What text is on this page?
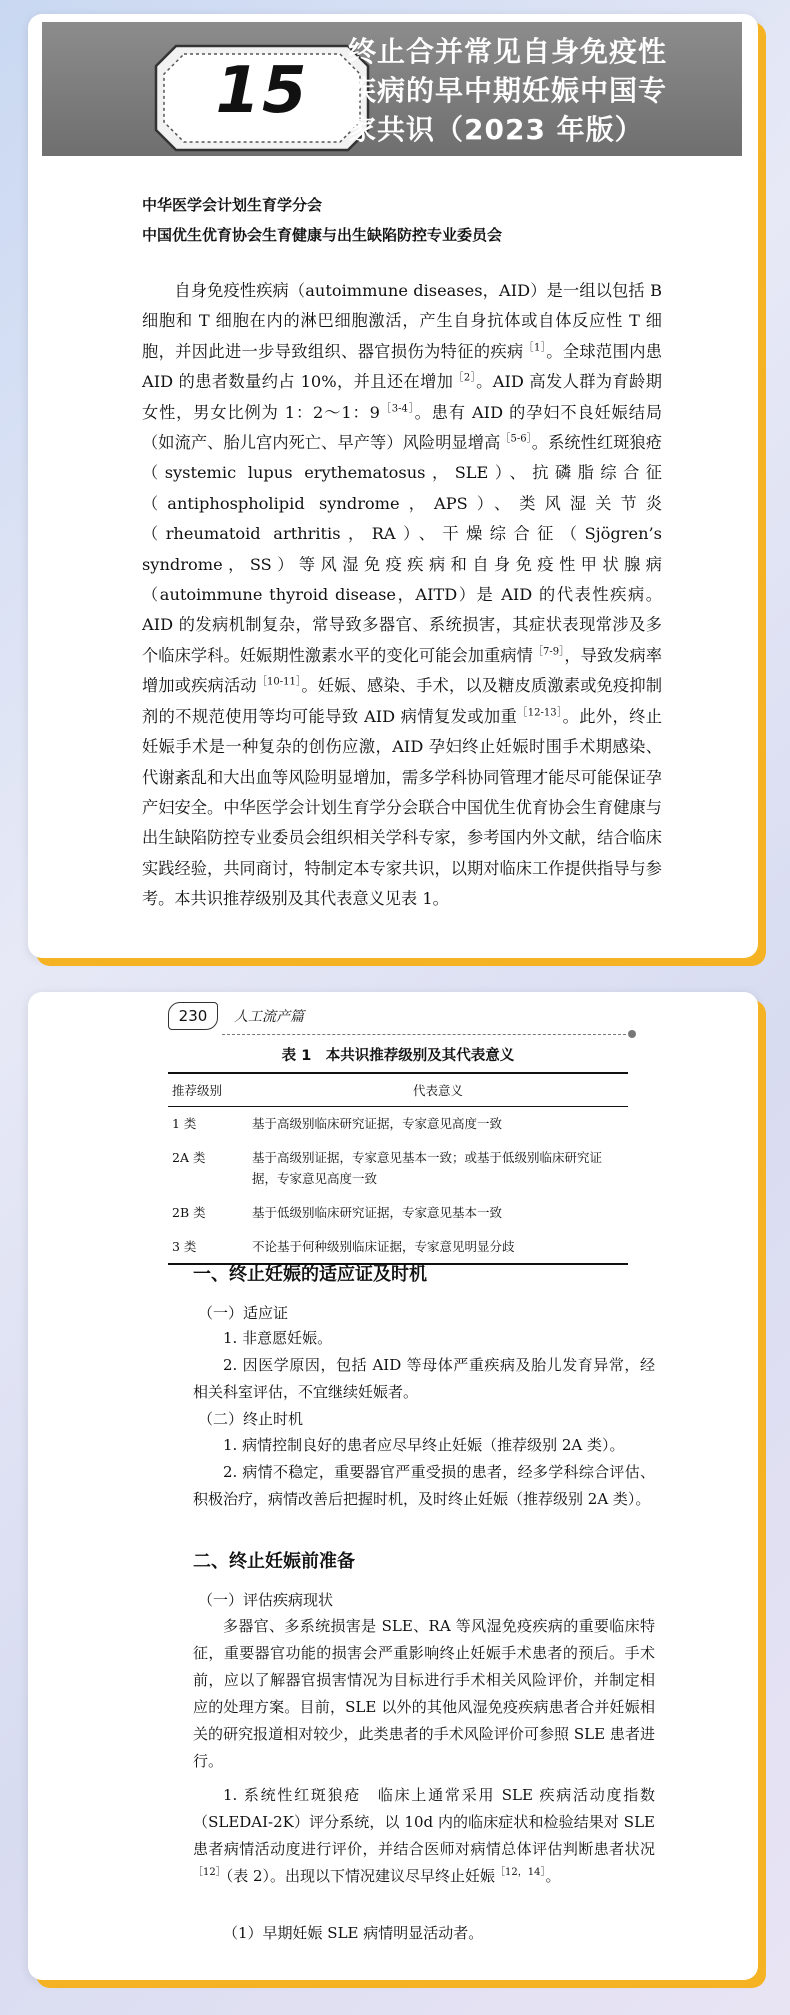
15
终止合并常见自身免疫性疾病的早中期妊娠中国专家共识（2023 年版）
中华医学会计划生育学分会
中国优生优育协会生育健康与出生缺陷防控专业委员会
自身免疫性疾病（autoimmune diseases，AID）是一组以包括 B 细胞和 T 细胞在内的淋巴细胞激活，产生自身抗体或自体反应性 T 细胞，并因此进一步导致组织、器官损伤为特征的疾病$^{[1]}$。全球范围内患 AID 的患者数量约占 10%，并且还在增加$^{[2]}$。AID 高发人群为育龄期女性，男女比例为 1：2～1：$9^{[3-4]}$。患有 AID 的孕妇不良妊娠结局（如流产、胎儿宫内死亡、早产等）风险明显增高$^{[5-6]}$。系统性红斑狼疮（systemic lupus erythematosus，SLE）、抗磷脂综合征（antiphospholipid syndrome，APS）、类风湿关节炎（rheumatoid arthritis，RA）、干燥综合征（Sjögren’s syndrome，SS）等风湿免疫疾病和自身免疫性甲状腺病（autoimmune thyroid disease，AITD）是 AID 的代表性疾病。AID 的发病机制复杂，常导致多器官、系统损害，其症状表现常涉及多个临床学科。妊娠期性激素水平的变化可能会加重病情$^{[7-9]}$，导致发病率增加或疾病活动$^{[10-11]}$。妊娠、感染、手术，以及糖皮质激素或免疫抑制剂的不规范使用等均可能导致 AID 病情复发或加重$^{[12-13]}$。此外，终止妊娠手术是一种复杂的创伤应激，AID 孕妇终止妊娠时围手术期感染、代谢紊乱和大出血等风险明显增加，需多学科协同管理才能尽可能保证孕产妇安全。中华医学会计划生育学分会联合中国优生优育协会生育健康与出生缺陷防控专业委员会组织相关学科专家，参考国内外文献，结合临床实践经验，共同商讨，特制定本专家共识，以期对临床工作提供指导与参考。本共识推荐级别及其代表意义见表 1。
230	人工流产篇
表 1　本共识推荐级别及其代表意义
推荐级别	代表意义
1 类	基于高级别临床研究证据，专家意见高度一致
2A 类	基于高级别证据，专家意见基本一致；或基于低级别临床研究证据，专家意见高度一致
2B 类	基于低级别临床研究证据，专家意见基本一致
3 类	不论基于何种级别临床证据，专家意见明显分歧
一、终止妊娠的适应证及时机
（一）适应证
1. 非意愿妊娠。
2. 因医学原因，包括 AID 等母体严重疾病及胎儿发育异常，经相关科室评估，不宜继续妊娠者。
（二）终止时机
1. 病情控制良好的患者应尽早终止妊娠（推荐级别 2A 类）。
2. 病情不稳定，重要器官严重受损的患者，经多学科综合评估、积极治疗，病情改善后把握时机，及时终止妊娠（推荐级别 2A 类）。
二、终止妊娠前准备
（一）评估疾病现状
多器官、多系统损害是 SLE、RA 等风湿免疫疾病的重要临床特征，重要器官功能的损害会严重影响终止妊娠手术患者的预后。手术前，应以了解器官损害情况为目标进行手术相关风险评价，并制定相应的处理方案。目前，SLE 以外的其他风湿免疫疾病患者合并妊娠相关的研究报道相对较少，此类患者的手术风险评价可参照 SLE 患者进行。
1. 系统性红斑狼疮　临床上通常采用 SLE 疾病活动度指数（SLEDAI-2K）评分系统，以 10d 内的临床症状和检验结果对 SLE 患者病情活动度进行评价，并结合医师对病情总体评估判断患者状况$^{[12]}$（表 2）。出现以下情况建议尽早终止妊娠$^{[12,14]}$。
（1）早期妊娠 SLE 病情明显活动者。
